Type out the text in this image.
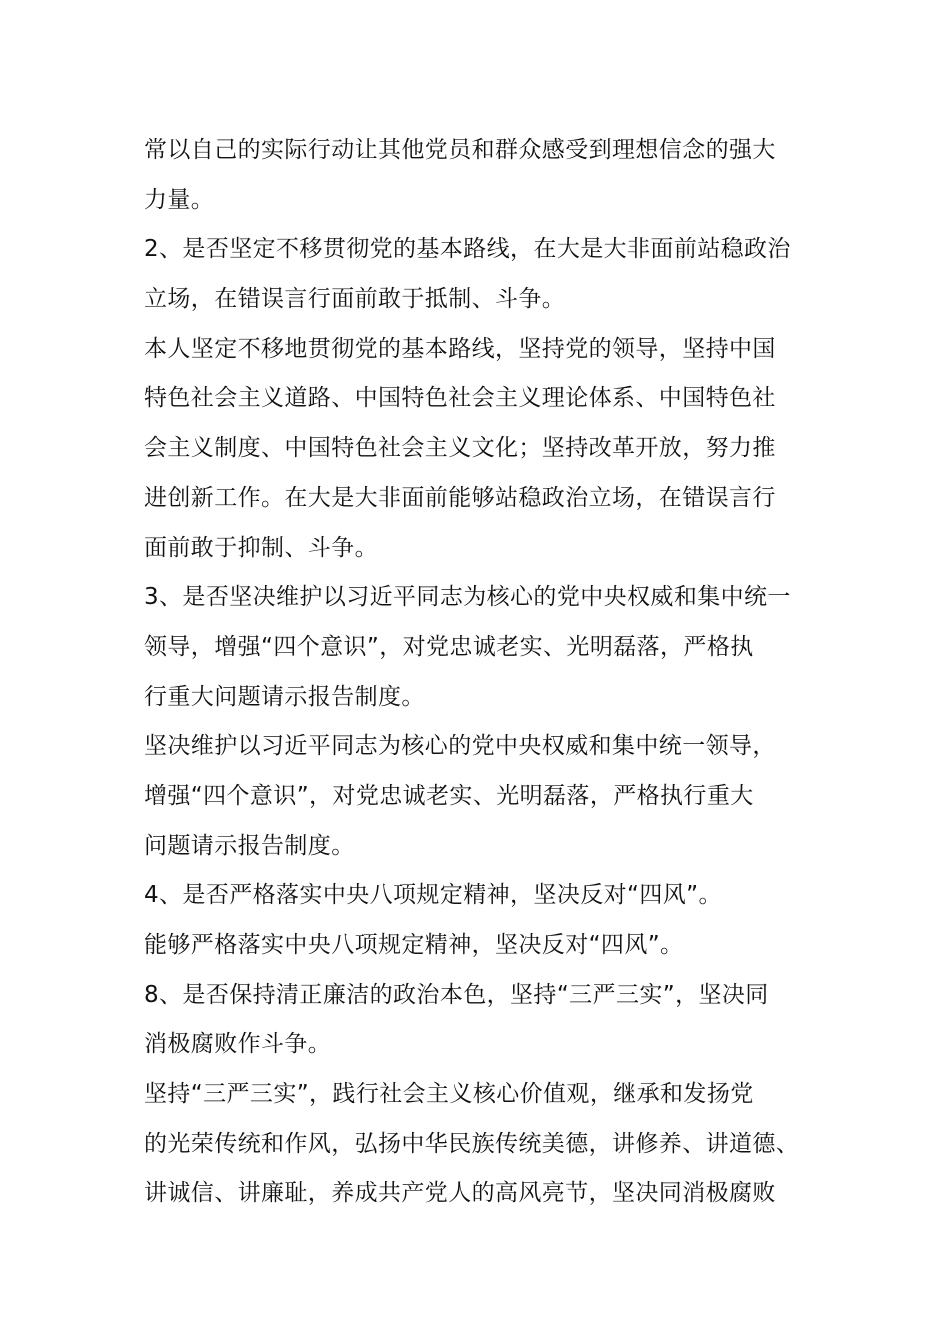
常以自己的实际行动让其他党员和群众感受到理想信念的强大
力量。
2、是否坚定不移贯彻党的基本路线，在大是大非面前站稳政治
立场，在错误言行面前敢于抵制、斗争。
本人坚定不移地贯彻党的基本路线，坚持党的领导，坚持中国
特色社会主义道路、中国特色社会主义理论体系、中国特色社
会主义制度、中国特色社会主义文化；坚持改革开放，努力推
进创新工作。在大是大非面前能够站稳政治立场，在错误言行
面前敢于抑制、斗争。
3、是否坚决维护以习近平同志为核心的党中央权威和集中统一
领导，增强“四个意识”，对党忠诚老实、光明磊落，严格执
行重大问题请示报告制度。
坚决维护以习近平同志为核心的党中央权威和集中统一领导，
增强“四个意识”，对党忠诚老实、光明磊落，严格执行重大
问题请示报告制度。
4、是否严格落实中央八项规定精神，坚决反对“四风”。
能够严格落实中央八项规定精神，坚决反对“四风”。
8、是否保持清正廉洁的政治本色，坚持“三严三实”，坚决同
消极腐败作斗争。
坚持“三严三实”，践行社会主义核心价值观，继承和发扬党
的光荣传统和作风，弘扬中华民族传统美德，讲修养、讲道德、
讲诚信、讲廉耻，养成共产党人的高风亮节，坚决同消极腐败
